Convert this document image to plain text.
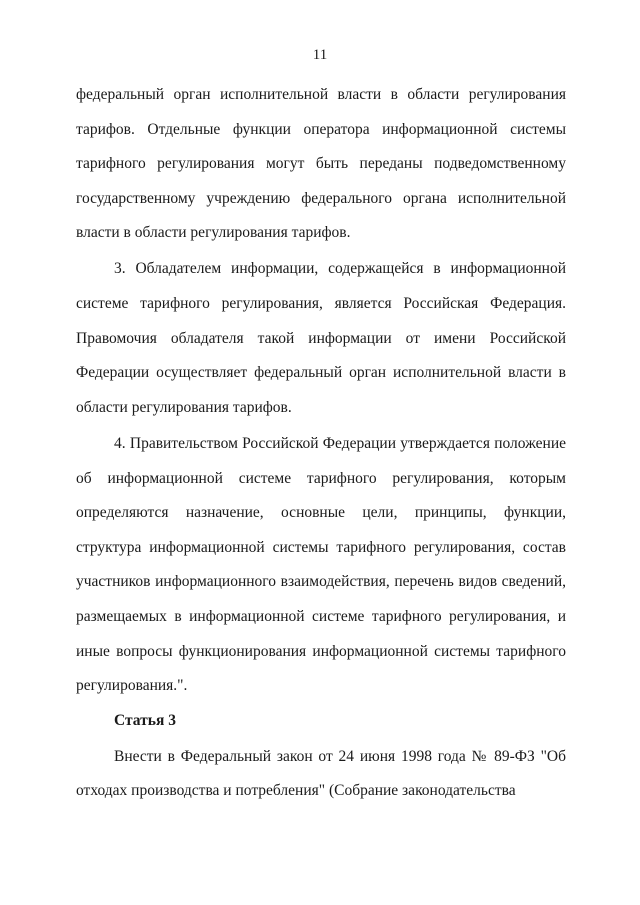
11

федеральный орган исполнительной власти в области регулирования тарифов. Отдельные функции оператора информационной системы тарифного регулирования могут быть переданы подведомственному государственному учреждению федерального органа исполнительной власти в области регулирования тарифов.

3. Обладателем информации, содержащейся в информационной системе тарифного регулирования, является Российская Федерация. Правомочия обладателя такой информации от имени Российской Федерации осуществляет федеральный орган исполнительной власти в области регулирования тарифов.

4. Правительством Российской Федерации утверждается положение об информационной системе тарифного регулирования, которым определяются назначение, основные цели, принципы, функции, структура информационной системы тарифного регулирования, состав участников информационного взаимодействия, перечень видов сведений, размещаемых в информационной системе тарифного регулирования, и иные вопросы функционирования информационной системы тарифного регулирования.".

Статья 3

Внести в Федеральный закон от 24 июня 1998 года № 89-ФЗ "Об отходах производства и потребления" (Собрание законодательства
